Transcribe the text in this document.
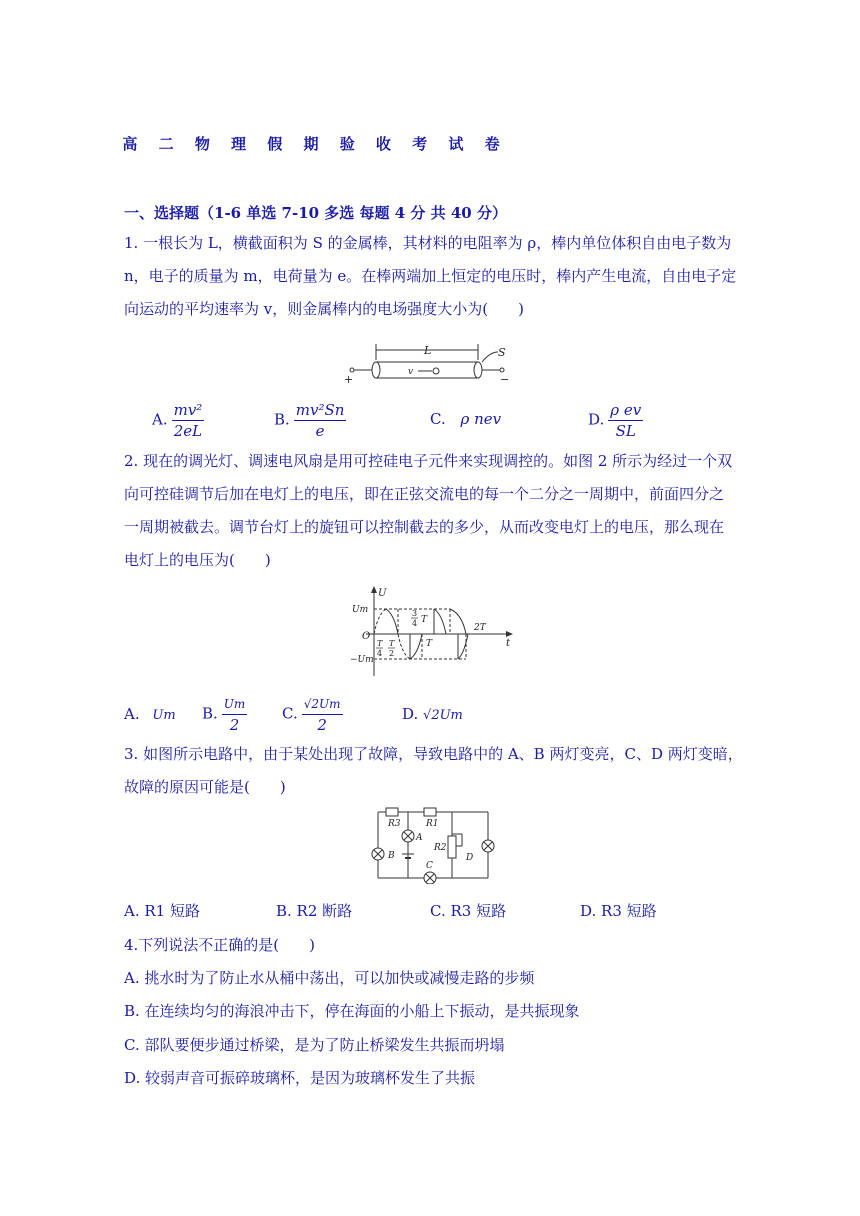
高 二 物 理 假 期 验 收 考 试 卷
一、选择题（1-6 单选 7-10 多选 每题 4 分 共 40 分）
1. 一根长为 L，横截面积为 S 的金属棒，其材料的电阻率为 ρ，棒内单位体积自由电子数为
n，电子的质量为 m，电荷量为 e。在棒两端加上恒定的电压时，棒内产生电流，自由电子定
向运动的平均速率为 v，则金属棒内的电场强度大小为(　　)
L
+	−
v
S
A. $\frac{\text{mv²}}{2eL}$	B. $\frac{\text{mv²Sn}}{e}$	C. ρ nev	D. $\frac{\text{ρ ev}}{SL}$
2. 现在的调光灯、调速电风扇是用可控硅电子元件来实现调控的。如图 2 所示为经过一个双
向可控硅调节后加在电灯上的电压，即在正弦交流电的每一个二分之一周期中，前面四分之
一周期被截去。调节台灯上的旋钮可以控制截去的多少，从而改变电灯上的电压，那么现在
电灯上的电压为(　　)
U
Um
O
−Um
t
T
4
T
2
3
4 T
T
2T
A. Um B. $\frac{Um}{2} C$. $\frac{√2Um}{2}$	D. √2Um
3. 如图所示电路中，由于某处出现了故障，导致电路中的 A、B 两灯变亮，C、D 两灯变暗，
故障的原因可能是(　　)
R3	R1
A
B
R2
C
D
A. R1 短路	B. R2 断路	C. R3 短路	D. R3 短路
4.下列说法不正确的是(　　)
A. 挑水时为了防止水从桶中荡出，可以加快或减慢走路的步频
B. 在连续均匀的海浪冲击下，停在海面的小船上下振动，是共振现象
C. 部队要便步通过桥梁，是为了防止桥梁发生共振而坍塌
D. 较弱声音可振碎玻璃杯，是因为玻璃杯发生了共振
